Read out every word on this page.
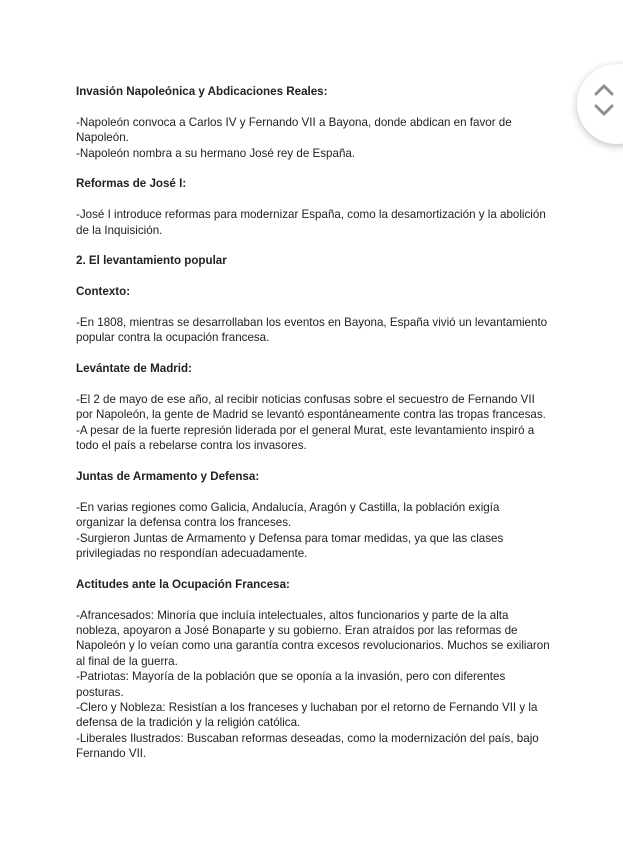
Invasión Napoleónica y Abdicaciones Reales:

-Napoleón convoca a Carlos IV y Fernando VII a Bayona, donde abdican en favor de

Napoleón.

-Napoleón nombra a su hermano José rey de España.

Reformas de José I:

-José I introduce reformas para modernizar España, como la desamortización y la abolición

de la Inquisición.

2. El levantamiento popular

Contexto:

-En 1808, mientras se desarrollaban los eventos en Bayona, España vivió un levantamiento

popular contra la ocupación francesa.

Levántate de Madrid:

-El 2 de mayo de ese año, al recibir noticias confusas sobre el secuestro de Fernando VII

por Napoleón, la gente de Madrid se levantó espontáneamente contra las tropas francesas.

-A pesar de la fuerte represión liderada por el general Murat, este levantamiento inspiró a

todo el país a rebelarse contra los invasores.

Juntas de Armamento y Defensa:

-En varias regiones como Galicia, Andalucía, Aragón y Castilla, la población exigía

organizar la defensa contra los franceses.

-Surgieron Juntas de Armamento y Defensa para tomar medidas, ya que las clases

privilegiadas no respondían adecuadamente.

Actitudes ante la Ocupación Francesa:

-Afrancesados: Minoría que incluía intelectuales, altos funcionarios y parte de la alta

nobleza, apoyaron a José Bonaparte y su gobierno. Eran atraídos por las reformas de

Napoleón y lo veían como una garantía contra excesos revolucionarios. Muchos se exiliaron

al final de la guerra.

-Patriotas: Mayoría de la población que se oponía a la invasión, pero con diferentes

posturas.

-Clero y Nobleza: Resistían a los franceses y luchaban por el retorno de Fernando VII y la

defensa de la tradición y la religión católica.

-Liberales Ilustrados: Buscaban reformas deseadas, como la modernización del país, bajo

Fernando VII.
